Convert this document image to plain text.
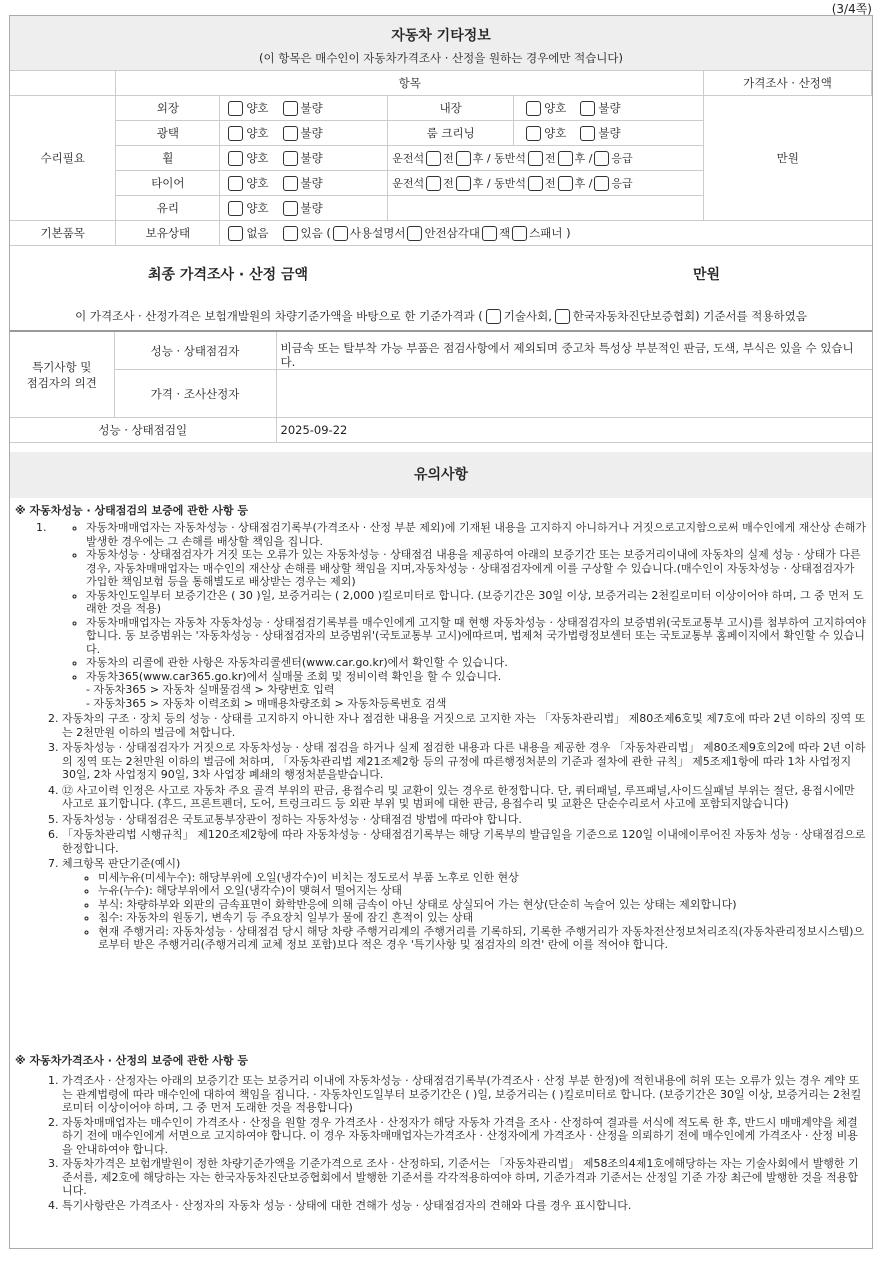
(3/4쪽)
자동차 기타정보
(이 항목은 매수인이 자동차가격조사 · 산정을 원하는 경우에만 적습니다)
	항목				가격조사 · 산정액
수리필요	외장	양호 불량	내장	양호 불량	만원
	광택	양호 불량	룸 크리닝	양호 불량	
	휠	양호 불량	운전석 전 후 / 동반석 전 후 / 응급		
	타이어	양호 불량	운전석 전 후 / 동반석 전 후 / 응급		
	유리	양호 불량			
기본품목	보유상태	없음 있음 ( 사용설명서 안전삼각대 잭 스패너 )			
최종 가격조사 · 산정 금액	만원
이 가격조사 · 산정가격은 보험개발원의 차량기준가액을 바탕으로 한 기준가격과 ( 기술사회, 한국자동차진단보증협회) 기준서를 적용하였음
특기사항 및
점검자의 의견	성능 · 상태점검자	비금속 또는 탈부착 가능 부품은 점검사항에서 제외되며 중고차 특성상 부분적인 판금, 도색, 부식은 있을 수 있습니다.
	가격 · 조사산정자	
성능 · 상태점검일		2025-09-22
유의사항
※ 자동차성능 · 상태점검의 보증에 관한 사항 등
1.	◦ 자동차매매업자는 자동차성능 · 상태점검기록부(가격조사 · 산정 부분 제외)에 기재된 내용을 고지하지 아니하거나 거짓으로고지함으로써 매수인에게 재산상 손해가 발생한 경우에는 그 손해를 배상할 책임을 집니다.
◦ 자동차성능 · 상태점검자가 거짓 또는 오류가 있는 자동차성능 · 상태점검 내용을 제공하여 아래의 보증기간 또는 보증거리이내에 자동차의 실제 성능 · 상태가 다른 경우, 자동차매매업자는 매수인의 재산상 손해를 배상할 책임을 지며,자동차성능 · 상태점검자에게 이를 구상할 수 있습니다.(매수인이 자동차성능 · 상태점검자가 가입한 책임보험 등을 통해별도로 배상받는 경우는 제외)
◦ 자동차인도일부터 보증기간은 ( 30 )일, 보증거리는 ( 2,000 )킬로미터로 합니다. (보증기간은 30일 이상, 보증거리는 2천킬로미터 이상이어야 하며, 그 중 먼저 도래한 것을 적용)
◦ 자동차매매업자는 자동차 자동차성능 · 상태점검기록부를 매수인에게 고지할 때 현행 자동차성능 · 상태점검자의 보증범위(국토교통부 고시)를 첨부하여 고지하여야 합니다. 동 보증범위는 '자동차성능 · 상태점검자의 보증범위'(국토교통부 고시)에따르며, 법제처 국가법령정보센터 또는 국토교통부 홈페이지에서 확인할 수 있습니다.
◦ 자동차의 리콜에 관한 사항은 자동차리콜센터(www.car.go.kr)에서 확인할 수 있습니다.
◦ 자동차365(www.car365.go.kr)에서 실매물 조회 및 정비이력 확인을 할 수 있습니다.
- 자동차365 > 자동차 실매물검색 > 차량번호 입력
- 자동차365 > 자동차 이력조회 > 매매용차량조회 > 자동차등록번호 검색
2. 자동차의 구조 · 장치 등의 성능 · 상태를 고지하지 아니한 자나 점검한 내용을 거짓으로 고지한 자는 「자동차관리법」 제80조제6호및 제7호에 따라 2년 이하의 징역 또는 2천만원 이하의 벌금에 처합니다.
3. 자동차성능 · 상태점검자가 거짓으로 자동차성능 · 상태 점검을 하거나 실제 점검한 내용과 다른 내용을 제공한 경우 「자동차관리법」 제80조제9호의2에 따라 2년 이하의 징역 또는 2천만원 이하의 벌금에 처하며, 「자동차관리법 제21조제2항 등의 규정에 따른행정처분의 기준과 절차에 관한 규칙」 제5조제1항에 따라 1차 사업정지 30일, 2차 사업정지 90일, 3차 사업장 폐쇄의 행정처분을받습니다.
4. ⑫ 사고이력 인정은 사고로 자동차 주요 골격 부위의 판금, 용접수리 및 교환이 있는 경우로 한정합니다. 단, 쿼터패널, 루프패널,사이드실패널 부위는 절단, 용접시에만 사고로 표기합니다. (후드, 프론트펜더, 도어, 트렁크리드 등 외판 부위 및 범퍼에 대한 판금, 용접수리 및 교환은 단순수리로서 사고에 포함되지않습니다)
5. 자동차성능 · 상태점검은 국토교통부장관이 정하는 자동차성능 · 상태점검 방법에 따라야 합니다.
6. 「자동차관리법 시행규칙」 제120조제2항에 따라 자동차성능 · 상태점검기록부는 해당 기록부의 발급일을 기준으로 120일 이내에이루어진 자동차 성능 · 상태점검으로 한정합니다.
7. 체크항목 판단기준(예시)
◦ 미세누유(미세누수): 해당부위에 오일(냉각수)이 비치는 정도로서 부품 노후로 인한 현상
◦ 누유(누수): 해당부위에서 오일(냉각수)이 맺혀서 떨어지는 상태
◦ 부식: 차량하부와 외판의 금속표면이 화학반응에 의해 금속이 아닌 상태로 상실되어 가는 현상(단순히 녹슬어 있는 상태는 제외합니다)
◦ 침수: 자동차의 원동기, 변속기 등 주요장치 일부가 물에 잠긴 흔적이 있는 상태
◦ 현재 주행거리: 자동차성능 · 상태점검 당시 해당 차량 주행거리계의 주행거리를 기록하되, 기록한 주행거리가 자동차전산정보처리조직(자동차관리정보시스템)으로부터 받은 주행거리(주행거리계 교체 정보 포함)보다 적은 경우 '특기사항 및 점검자의 의견' 란에 이를 적어야 합니다.
※ 자동차가격조사 · 산정의 보증에 관한 사항 등
1. 가격조사 · 산정자는 아래의 보증기간 또는 보증거리 이내에 자동차성능 · 상태점검기록부(가격조사 · 산정 부분 한정)에 적힌내용에 허위 또는 오류가 있는 경우 계약 또는 관계법령에 따라 매수인에 대하여 책임을 집니다. · 자동차인도일부터 보증기간은 ( )일, 보증거리는 ( )킬로미터로 합니다. (보증기간은 30일 이상, 보증거리는 2천킬로미터 이상이어야 하며, 그 중 먼저 도래한 것을 적용합니다)
2. 자동차매매업자는 매수인이 가격조사 · 산정을 원할 경우 가격조사 · 산정자가 해당 자동차 가격을 조사 · 산정하여 결과를 서식에 적도록 한 후, 반드시 매매계약을 체결하기 전에 매수인에게 서면으로 고지하여야 합니다. 이 경우 자동차매매업자는가격조사 · 산정자에게 가격조사 · 산정을 의뢰하기 전에 매수인에게 가격조사 · 산정 비용을 안내하여야 합니다.
3. 자동차가격은 보험개발원이 정한 차량기준가액을 기준가격으로 조사 · 산정하되, 기준서는 「자동차관리법」 제58조의4제1호에해당하는 자는 기술사회에서 발행한 기준서를, 제2호에 해당하는 자는 한국자동차진단보증협회에서 발행한 기준서를 각각적용하여야 하며, 기준가격과 기준서는 산정일 기준 가장 최근에 발행한 것을 적용합니다.
4. 특기사항란은 가격조사 · 산정자의 자동차 성능 · 상태에 대한 견해가 성능 · 상태점검자의 견해와 다를 경우 표시합니다.
